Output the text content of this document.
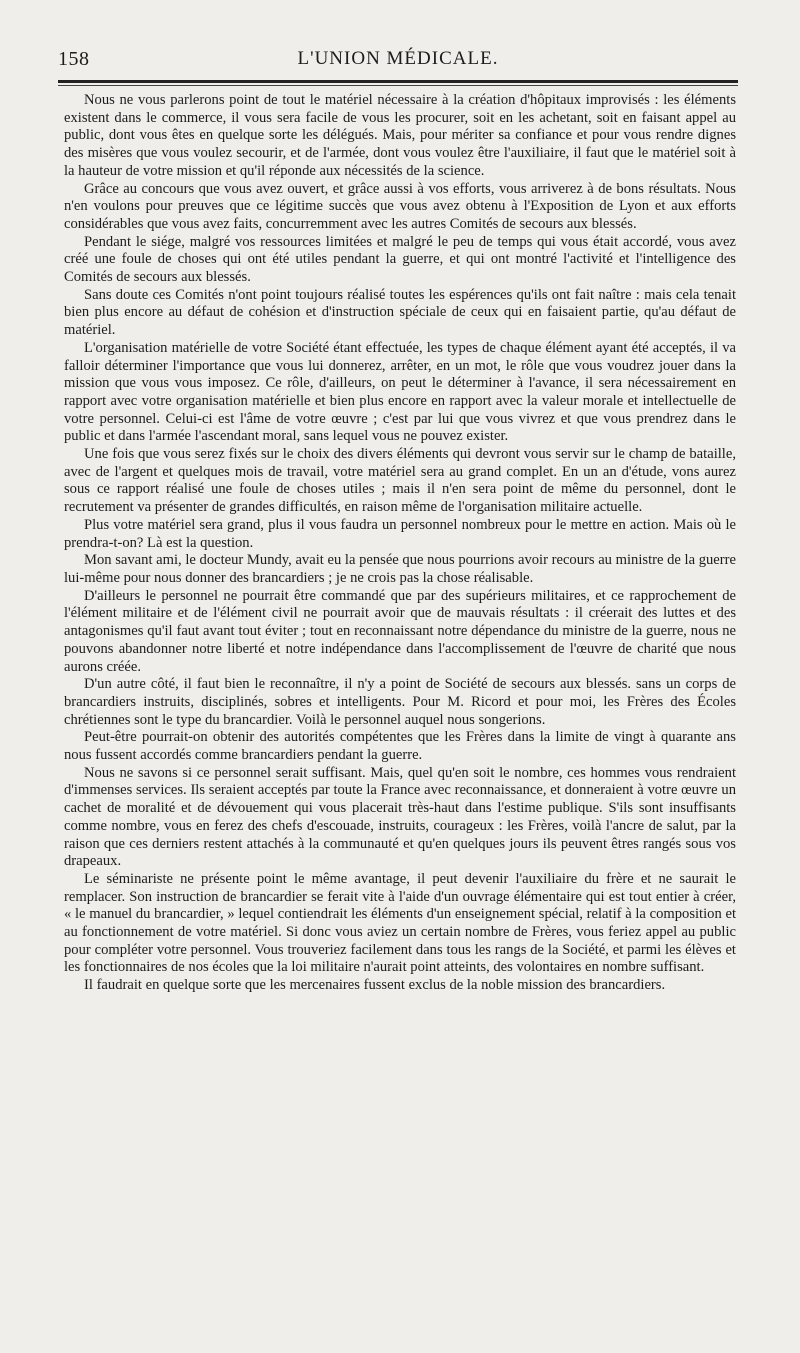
158	L'UNION MÉDICALE.

Nous ne vous parlerons point de tout le matériel nécessaire à la création d'hôpitaux improvisés : les éléments existent dans le commerce, il vous sera facile de vous les procurer, soit en les achetant, soit en faisant appel au public, dont vous êtes en quelque sorte les délégués. Mais, pour mériter sa confiance et pour vous rendre dignes des misères que vous voulez secourir, et de l'armée, dont vous voulez être l'auxiliaire, il faut que le matériel soit à la hauteur de votre mission et qu'il réponde aux nécessités de la science.

Grâce au concours que vous avez ouvert, et grâce aussi à vos efforts, vous arriverez à de bons résultats. Nous n'en voulons pour preuves que ce légitime succès que vous avez obtenu à l'Exposition de Lyon et aux efforts considérables que vous avez faits, concurremment avec les autres Comités de secours aux blessés.

Pendant le siége, malgré vos ressources limitées et malgré le peu de temps qui vous était accordé, vous avez créé une foule de choses qui ont été utiles pendant la guerre, et qui ont montré l'activité et l'intelligence des Comités de secours aux blessés.

Sans doute ces Comités n'ont point toujours réalisé toutes les espérences qu'ils ont fait naître : mais cela tenait bien plus encore au défaut de cohésion et d'instruction spéciale de ceux qui en faisaient partie, qu'au défaut de matériel.

L'organisation matérielle de votre Société étant effectuée, les types de chaque élément ayant été acceptés, il va falloir déterminer l'importance que vous lui donnerez, arrêter, en un mot, le rôle que vous voudrez jouer dans la mission que vous vous imposez. Ce rôle, d'ailleurs, on peut le déterminer à l'avance, il sera nécessairement en rapport avec votre organisation matérielle et bien plus encore en rapport avec la valeur morale et intellectuelle de votre personnel. Celui-ci est l'âme de votre œuvre ; c'est par lui que vous vivrez et que vous prendrez dans le public et dans l'armée l'ascendant moral, sans lequel vous ne pouvez exister.

Une fois que vous serez fixés sur le choix des divers éléments qui devront vous servir sur le champ de bataille, avec de l'argent et quelques mois de travail, votre matériel sera au grand complet. En un an d'étude, vons aurez sous ce rapport réalisé une foule de choses utiles ; mais il n'en sera point de même du personnel, dont le recrutement va présenter de grandes difficultés, en raison même de l'organisation militaire actuelle.

Plus votre matériel sera grand, plus il vous faudra un personnel nombreux pour le mettre en action. Mais où le prendra-t-on? Là est la question.

Mon savant ami, le docteur Mundy, avait eu la pensée que nous pourrions avoir recours au ministre de la guerre lui-même pour nous donner des brancardiers ; je ne crois pas la chose réalisable.

D'ailleurs le personnel ne pourrait être commandé que par des supérieurs militaires, et ce rapprochement de l'élément militaire et de l'élément civil ne pourrait avoir que de mauvais résultats : il créerait des luttes et des antagonismes qu'il faut avant tout éviter ; tout en reconnaissant notre dépendance du ministre de la guerre, nous ne pouvons abandonner notre liberté et notre indépendance dans l'accomplissement de l'œuvre de charité que nous aurons créée.

D'un autre côté, il faut bien le reconnaître, il n'y a point de Société de secours aux blessés. sans un corps de brancardiers instruits, disciplinés, sobres et intelligents. Pour M. Ricord et pour moi, les Frères des Écoles chrétiennes sont le type du brancardier. Voilà le personnel auquel nous songerions.

Peut-être pourrait-on obtenir des autorités compétentes que les Frères dans la limite de vingt à quarante ans nous fussent accordés comme brancardiers pendant la guerre.

Nous ne savons si ce personnel serait suffisant. Mais, quel qu'en soit le nombre, ces hommes vous rendraient d'immenses services. Ils seraient acceptés par toute la France avec reconnaissance, et donneraient à votre œuvre un cachet de moralité et de dévouement qui vous placerait très-haut dans l'estime publique. S'ils sont insuffisants comme nombre, vous en ferez des chefs d'escouade, instruits, courageux : les Frères, voilà l'ancre de salut, par la raison que ces derniers restent attachés à la communauté et qu'en quelques jours ils peuvent êtres rangés sous vos drapeaux.

Le séminariste ne présente point le même avantage, il peut devenir l'auxiliaire du frère et ne saurait le remplacer. Son instruction de brancardier se ferait vite à l'aide d'un ouvrage élémentaire qui est tout entier à créer, « le manuel du brancardier, » lequel contiendrait les éléments d'un enseignement spécial, relatif à la composition et au fonctionnement de votre matériel. Si donc vous aviez un certain nombre de Frères, vous feriez appel au public pour compléter votre personnel. Vous trouveriez facilement dans tous les rangs de la Société, et parmi les élèves et les fonctionnaires de nos écoles que la loi militaire n'aurait point atteints, des volontaires en nombre suffisant.

Il faudrait en quelque sorte que les mercenaires fussent exclus de la noble mission des brancardiers.
